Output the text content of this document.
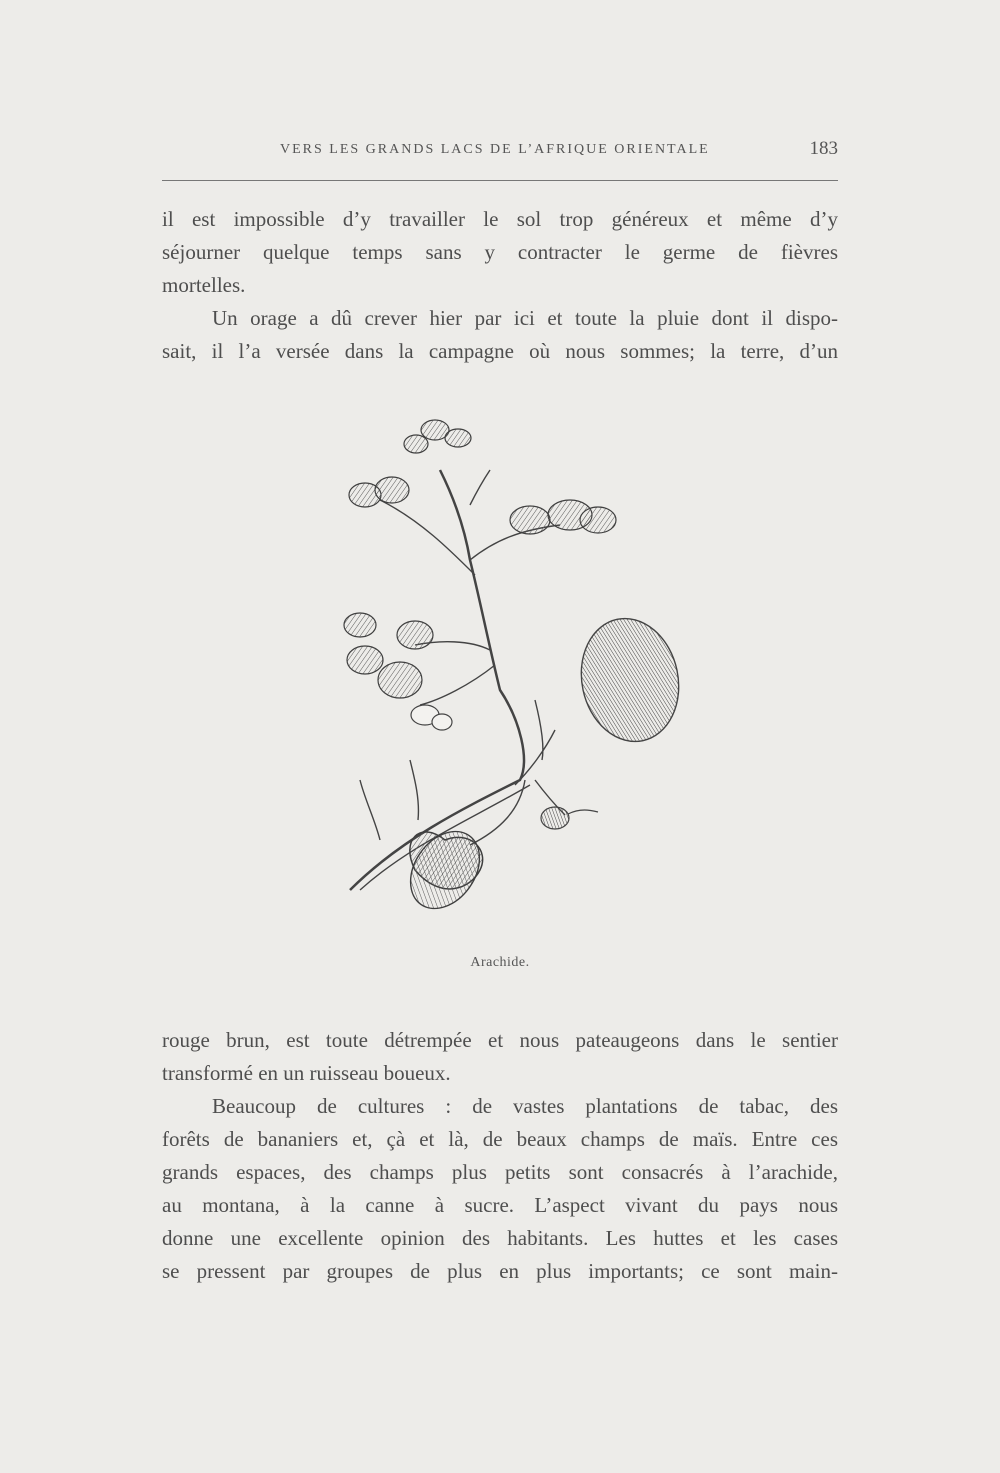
VERS LES GRANDS LACS DE L’AFRIQUE ORIENTALE	183
il est impossible d’y travailler le sol trop généreux et même d’y
séjourner quelque temps sans y contracter le germe de fièvres
mortelles.
Un orage a dû crever hier par ici et toute la pluie dont il dispo-
sait, il l’a versée dans la campagne où nous sommes; la terre, d’un
Arachide.
rouge brun, est toute détrempée et nous pateaugeons dans le sentier
transformé en un ruisseau boueux.
Beaucoup de cultures : de vastes plantations de tabac, des
forêts de bananiers et, çà et là, de beaux champs de maïs. Entre ces
grands espaces, des champs plus petits sont consacrés à l’arachide,
au montana, à la canne à sucre. L’aspect vivant du pays nous
donne une excellente opinion des habitants. Les huttes et les cases
se pressent par groupes de plus en plus importants; ce sont main-
